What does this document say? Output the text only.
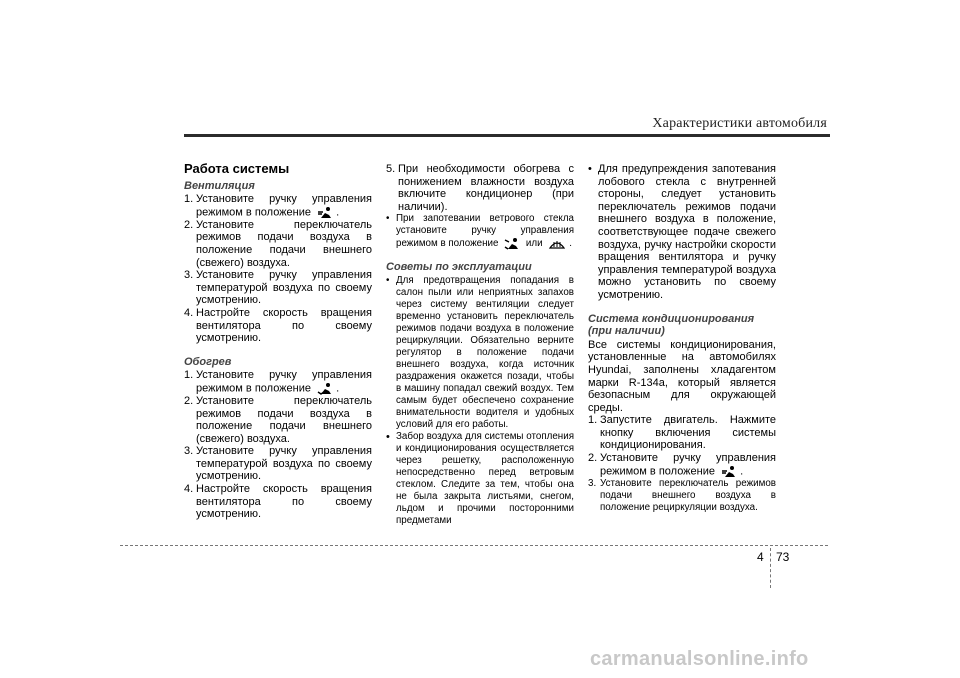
Характеристики автомобиля

Работа системы

Вентиляция

1. Установите ручку управления режимом в положение .
2. Установите переключатель режимов подачи воздуха в положение подачи внешнего (свежего) воздуха.
3. Установите ручку управления температурой воздуха по своему усмотрению.
4. Настройте скорость вращения вентилятора по своему усмотрению.

Обогрев

1. Установите ручку управления режимом в положение .
2. Установите переключатель режимов подачи воздуха в положение подачи внешнего (свежего) воздуха.
3. Установите ручку управления температурой воздуха по своему усмотрению.
4. Настройте скорость вращения вентилятора по своему усмотрению.
5. При необходимости обогрева с понижением влажности воздуха включите кондиционер (при наличии).
• При запотевании ветрового стекла установите ручку управления режимом в положение	или	.

Советы по эксплуатации

• Для предотвращения попадания в салон пыли или неприятных запахов через систему вентиляции следует временно установить переключатель режимов подачи воздуха в положение рециркуляции. Обязательно верните регулятор в положение подачи внешнего воздуха, когда источник раздражения окажется позади, чтобы в машину попадал свежий воздух. Тем самым будет обеспечено сохранение внимательности водителя и удобных условий для его работы.
• Забор воздуха для системы отопления и кондиционирования осуществляется через решетку, расположенную непосредственно перед ветровым стеклом. Следите за тем, чтобы она не была закрыта листьями, снегом, льдом и прочими посторонними предметами
• Для предупреждения запотевания лобового стекла с внутренней стороны, следует установить переключатель режимов подачи внешнего воздуха в положение, соответствующее подаче свежего воздуха, ручку настройки скорости вращения вентилятора и ручку управления температурой воздуха можно установить по своему усмотрению.

Система кондиционирования

(при наличии)

Все системы кондиционирования, установленные на автомобилях Hyundai, заполнены хладагентом марки R-134a, который является безопасным для окружающей среды.

1. Запустите двигатель. Нажмите кнопку включения системы кондиционирования.
2. Установите ручку управления режимом в положение .
3. Установите переключатель режимов подачи внешнего воздуха в положение рециркуляции воздуха.
4 73
carmanualsonline.info
